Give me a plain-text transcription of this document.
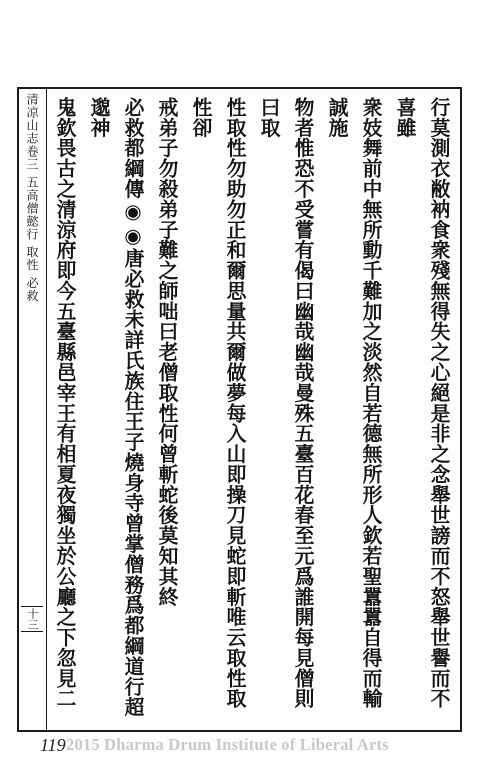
清凉山志卷三 五高僧懿行 取性 必救
十三	行莫測衣敝衲食衆殘無得失之心絕是非之念舉世謗而不怒舉世譽而不喜雖

衆妓舞前中無所動千難加之淡然自若德無所形人欽若聖囂囂自得而輸誠施

物者惟恐不受嘗有偈曰幽哉幽哉曼殊五臺百花春至元爲誰開每見僧則曰取

性取性勿助勿正和爾思量共爾做夢每入山即操刀見蛇即斬唯云取性取性卻

戒弟子勿殺弟子難之師咄曰老僧取性何曾斬蛇後莫知其終

必救都綱傳◉◉唐必救未詳氏族住王子燒身寺曾掌僧務爲都綱道行超邈神

鬼欽畏古之清涼府即今五臺縣邑宰王有相夏夜獨坐於公廳之下忽見二

119 2015 Dharma Drum Institute of Liberal Arts
